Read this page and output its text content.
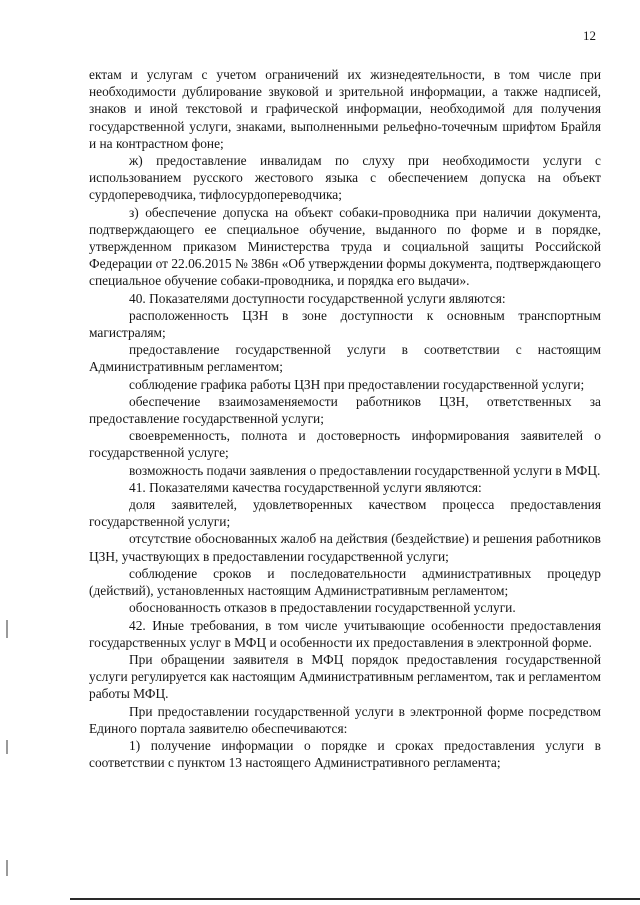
12

ектам и услугам с учетом ограничений их жизнедеятельности, в том числе при необходимости дублирование звуковой и зрительной информации, а также надписей, знаков и иной текстовой и графической информации, необходимой для получения государственной услуги, знаками, выполненными рельефно-точечным шрифтом Брайля и на контрастном фоне;

ж) предоставление инвалидам по слуху при необходимости услуги с использованием русского жестового языка с обеспечением допуска на объект сурдопереводчика, тифлосурдопереводчика;

з) обеспечение допуска на объект собаки-проводника при наличии документа, подтверждающего ее специальное обучение, выданного по форме и в порядке, утвержденном приказом Министерства труда и социальной защиты Российской Федерации от 22.06.2015 № 386н «Об утверждении формы документа, подтверждающего специальное обучение собаки-проводника, и порядка его выдачи».

40. Показателями доступности государственной услуги являются:

расположенность ЦЗН в зоне доступности к основным транспортным магистралям;

предоставление государственной услуги в соответствии с настоящим Административным регламентом;

соблюдение графика работы ЦЗН при предоставлении государственной услуги;

обеспечение взаимозаменяемости работников ЦЗН, ответственных за предоставление государственной услуги;

своевременность, полнота и достоверность информирования заявителей о государственной услуге;

возможность подачи заявления о предоставлении государственной услуги в МФЦ.

41. Показателями качества государственной услуги являются:

доля заявителей, удовлетворенных качеством процесса предоставления государственной услуги;

отсутствие обоснованных жалоб на действия (бездействие) и решения работников ЦЗН, участвующих в предоставлении государственной услуги;

соблюдение сроков и последовательности административных процедур (действий), установленных настоящим Административным регламентом;

обоснованность отказов в предоставлении государственной услуги.

42. Иные требования, в том числе учитывающие особенности предоставления государственных услуг в МФЦ и особенности их предоставления в электронной форме.

При обращении заявителя в МФЦ порядок предоставления государственной услуги регулируется как настоящим Административным регламентом, так и регламентом работы МФЦ.

При предоставлении государственной услуги в электронной форме посредством Единого портала заявителю обеспечиваются:

1) получение информации о порядке и сроках предоставления услуги в соответствии с пунктом 13 настоящего Административного регламента;
